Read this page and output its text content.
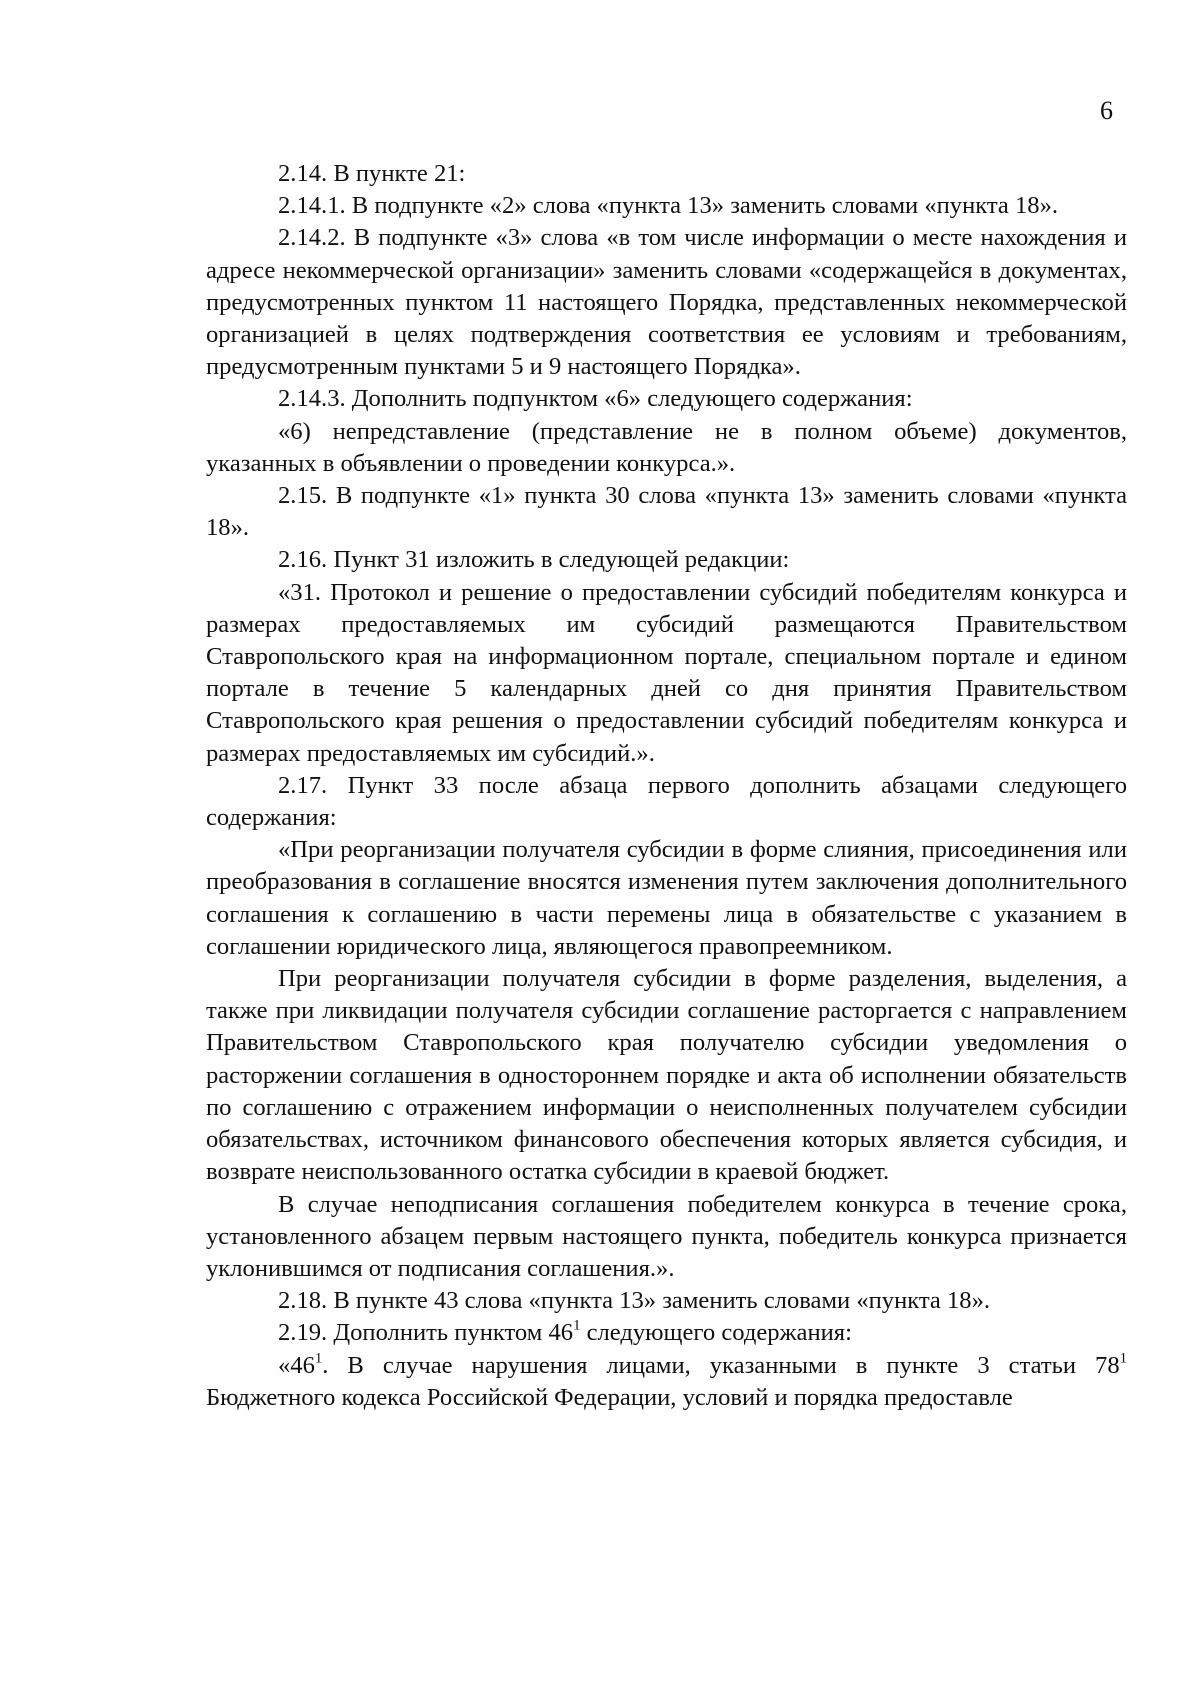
6

2.14. В пункте 21:

2.14.1. В подпункте «2» слова «пункта 13» заменить словами «пункта 18».

2.14.2. В подпункте «3» слова «в том числе информации о месте нахождения и адресе некоммерческой организации» заменить словами «содержащейся в документах, предусмотренных пунктом 11 настоящего Порядка, представленных некоммерческой организацией в целях подтверждения соответствия ее условиям и требованиям, предусмотренным пунктами 5 и 9 настоящего Порядка».

2.14.3. Дополнить подпунктом «6» следующего содержания:

«6) непредставление (представление не в полном объеме) документов, указанных в объявлении о проведении конкурса.».

2.15. В подпункте «1» пункта 30 слова «пункта 13» заменить словами «пункта 18».

2.16. Пункт 31 изложить в следующей редакции:

«31. Протокол и решение о предоставлении субсидий победителям конкурса и размерах предоставляемых им субсидий размещаются Правительством Ставропольского края на информационном портале, специальном портале и едином портале в течение 5 календарных дней со дня принятия Правительством Ставропольского края решения о предоставлении субсидий победителям конкурса и размерах предоставляемых им субсидий.».

2.17. Пункт 33 после абзаца первого дополнить абзацами следующего содержания:

«При реорганизации получателя субсидии в форме слияния, присоединения или преобразования в соглашение вносятся изменения путем заключения дополнительного соглашения к соглашению в части перемены лица в обязательстве с указанием в соглашении юридического лица, являющегося правопреемником.

При реорганизации получателя субсидии в форме разделения, выделения, а также при ликвидации получателя субсидии соглашение расторгается с направлением Правительством Ставропольского края получателю субсидии уведомления о расторжении соглашения в одностороннем порядке и акта об исполнении обязательств по соглашению с отражением информации о неисполненных получателем субсидии обязательствах, источником финансового обеспечения которых является субсидия, и возврате неиспользованного остатка субсидии в краевой бюджет.

В случае неподписания соглашения победителем конкурса в течение срока, установленного абзацем первым настоящего пункта, победитель конкурса признается уклонившимся от подписания соглашения.».

2.18. В пункте 43 слова «пункта 13» заменить словами «пункта 18».

2.19. Дополнить пунктом $46^1$ следующего содержания:

«$46^1$. В случае нарушения лицами, указанными в пункте 3 статьи $78^1$ Бюджетного кодекса Российской Федерации, условий и порядка предоставле
